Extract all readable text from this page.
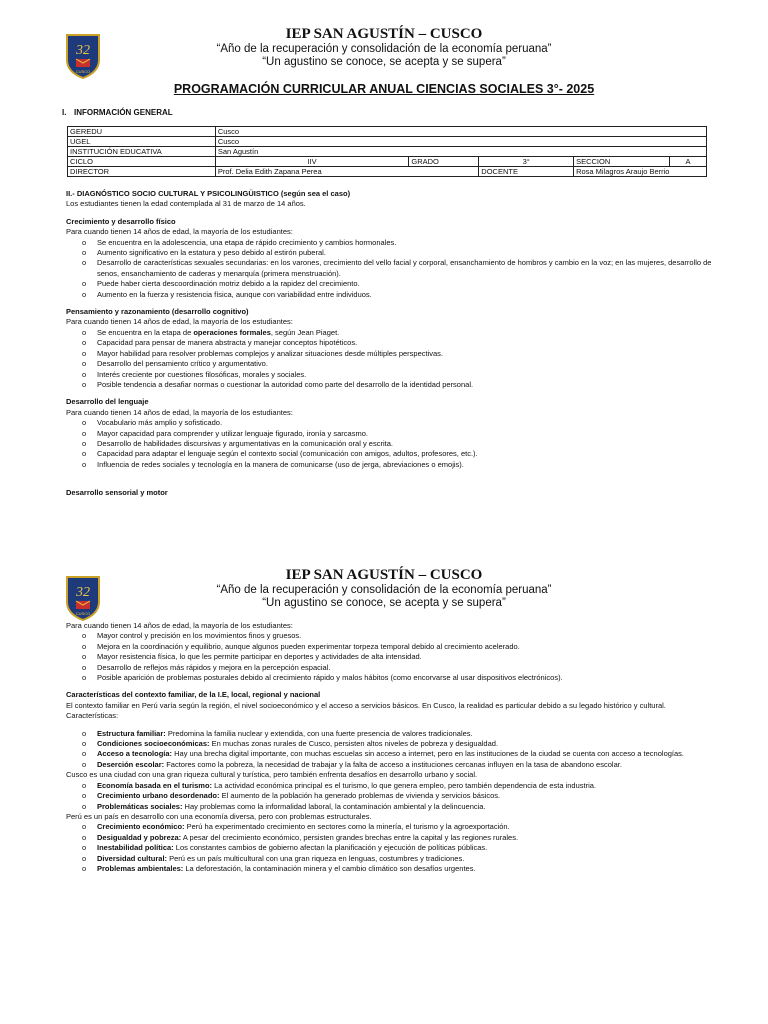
32
CUSCO
IEP SAN AGUSTÍN – CUSCO
“Año de la recuperación y consolidación de la economía peruana”
“Un agustino se conoce, se acepta y se supera”
PROGRAMACIÓN CURRICULAR ANUAL CIENCIAS SOCIALES 3°- 2025
I. INFORMACIÓN GENERAL
GEREDU	Cusco				
UGEL	Cusco				
INSTITUCIÓN EDUCATIVA	San Agustín				
CICLO	IIV	GRADO	3°	SECCION	A
DIRECTOR	Prof. Delia Edith Zapana Perea		DOCENTE	Rosa Milagros Araujo Berrio	
II.- DIAGNÓSTICO SOCIO CULTURAL Y PSICOLINGÜISTICO (según sea el caso)
Los estudiantes tienen la edad contemplada al 31 de marzo de 14 años.
Crecimiento y desarrollo físico
Para cuando tienen 14 años de edad, la mayoría de los estudiantes:
o Se encuentra en la adolescencia, una etapa de rápido crecimiento y cambios hormonales.
o Aumento significativo en la estatura y peso debido al estirón puberal.
o Desarrollo de características sexuales secundarias: en los varones, crecimiento del vello facial y corporal, ensanchamiento de hombros y cambio en la voz; en las mujeres, desarrollo de senos, ensanchamiento de caderas y menarquía (primera menstruación).
o Puede haber cierta descoordinación motriz debido a la rapidez del crecimiento.
o Aumento en la fuerza y resistencia física, aunque con variabilidad entre individuos.
Pensamiento y razonamiento (desarrollo cognitivo)
Para cuando tienen 14 años de edad, la mayoría de los estudiantes:
o Se encuentra en la etapa de operaciones formales, según Jean Piaget.
o Capacidad para pensar de manera abstracta y manejar conceptos hipotéticos.
o Mayor habilidad para resolver problemas complejos y analizar situaciones desde múltiples perspectivas.
o Desarrollo del pensamiento crítico y argumentativo.
o Interés creciente por cuestiones filosóficas, morales y sociales.
o Posible tendencia a desafiar normas o cuestionar la autoridad como parte del desarrollo de la identidad personal.
Desarrollo del lenguaje
Para cuando tienen 14 años de edad, la mayoría de los estudiantes:
o Vocabulario más amplio y sofisticado.
o Mayor capacidad para comprender y utilizar lenguaje figurado, ironía y sarcasmo.
o Desarrollo de habilidades discursivas y argumentativas en la comunicación oral y escrita.
o Capacidad para adaptar el lenguaje según el contexto social (comunicación con amigos, adultos, profesores, etc.).
o Influencia de redes sociales y tecnología en la manera de comunicarse (uso de jerga, abreviaciones o emojis).
Desarrollo sensorial y motor
32
CUSCO
IEP SAN AGUSTÍN – CUSCO
“Año de la recuperación y consolidación de la economía peruana”
“Un agustino se conoce, se acepta y se supera”
Para cuando tienen 14 años de edad, la mayoría de los estudiantes:
o Mayor control y precisión en los movimientos finos y gruesos.
o Mejora en la coordinación y equilibrio, aunque algunos pueden experimentar torpeza temporal debido al crecimiento acelerado.
o Mayor resistencia física, lo que les permite participar en deportes y actividades de alta intensidad.
o Desarrollo de reflejos más rápidos y mejora en la percepción espacial.
o Posible aparición de problemas posturales debido al crecimiento rápido y malos hábitos (como encorvarse al usar dispositivos electrónicos).
Características del contexto familiar, de la I.E, local, regional y nacional
El contexto familiar en Perú varía según la región, el nivel socioeconómico y el acceso a servicios básicos. En Cusco, la realidad es particular debido a su legado histórico y cultural.
Características:
o Estructura familiar: Predomina la familia nuclear y extendida, con una fuerte presencia de valores tradicionales.
o Condiciones socioeconómicas: En muchas zonas rurales de Cusco, persisten altos niveles de pobreza y desigualdad.
o Acceso a tecnología: Hay una brecha digital importante, con muchas escuelas sin acceso a internet, pero en las instituciones de la ciudad se cuenta con acceso a tecnologías.
o Deserción escolar: Factores como la pobreza, la necesidad de trabajar y la falta de acceso a instituciones cercanas influyen en la tasa de abandono escolar.
Cusco es una ciudad con una gran riqueza cultural y turística, pero también enfrenta desafíos en desarrollo urbano y social.
o Economía basada en el turismo: La actividad económica principal es el turismo, lo que genera empleo, pero también dependencia de esta industria.
o Crecimiento urbano desordenado: El aumento de la población ha generado problemas de vivienda y servicios básicos.
o Problemáticas sociales: Hay problemas como la informalidad laboral, la contaminación ambiental y la delincuencia.
Perú es un país en desarrollo con una economía diversa, pero con problemas estructurales.
o Crecimiento económico: Perú ha experimentado crecimiento en sectores como la minería, el turismo y la agroexportación.
o Desigualdad y pobreza: A pesar del crecimiento económico, persisten grandes brechas entre la capital y las regiones rurales.
o Inestabilidad política: Los constantes cambios de gobierno afectan la planificación y ejecución de políticas públicas.
o Diversidad cultural: Perú es un país multicultural con una gran riqueza en lenguas, costumbres y tradiciones.
o Problemas ambientales: La deforestación, la contaminación minera y el cambio climático son desafíos urgentes.
